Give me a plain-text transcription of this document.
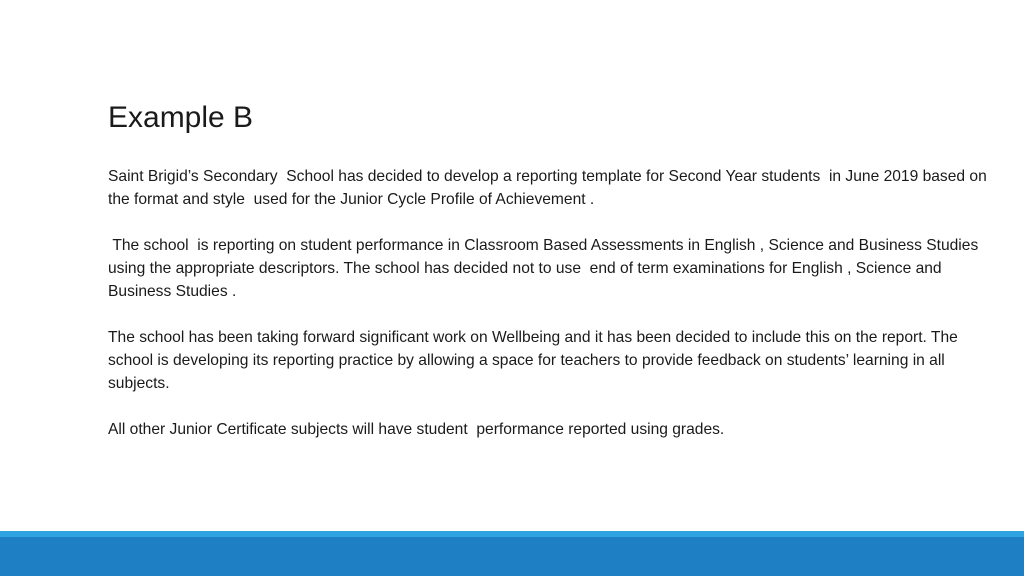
Example B

Saint Brigid’s Secondary  School has decided to develop a reporting template for Second Year students  in June 2019 based on the format and style  used for the Junior Cycle Profile of Achievement .

The school  is reporting on student performance in Classroom Based Assessments in English , Science and Business Studies  using the appropriate descriptors. The school has decided not to use  end of term examinations for English , Science and Business Studies .

The school has been taking forward significant work on Wellbeing and it has been decided to include this on the report. The school is developing its reporting practice by allowing a space for teachers to provide feedback on students’ learning in all subjects.

All other Junior Certificate subjects will have student  performance reported using grades.
